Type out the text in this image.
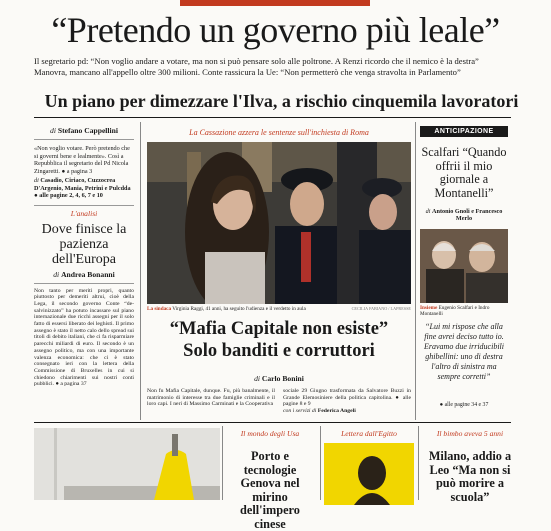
“Pretendo un governo più leale”
Il segretario pd: “Non voglio andare a votare, ma non si può pensare solo alle poltrone. A Renzi ricordo che il nemico è la destra”
Manovra, mancano all'appello oltre 300 milioni. Conte rassicura la Ue: “Non permetterò che venga stravolta in Parlamento”
Un piano per dimezzare l'Ilva, a rischio cinquemila lavoratori
di Stefano Cappellini
«Non voglio votare. Però pretendo che si governi bene e lealmente». Così a Repubblica il segretario del Pd Nicola Zingaretti. ● a pagina 3
di Casadio, Ciriaco, Cuzzocrea D'Argenio, Mania, Petrini e Pulcdda ● alle pagine 2, 4, 6, 7 e 10
L'analisi
Dove finisce la pazienza dell'Europa
di Andrea Bonanni
Non tanto per meriti propri, quanto piuttosto per demeriti altrui, cioè della Lega, il secondo governo Conte “de-salvinizzato” ha potuto incassare sul piano internazionale due ricchi assegni per il solo fatto di essersi liberato dei leghisti. Il primo assegno è stato il netto calo dello spread sui titoli di debito italiani, che ci fa risparmiare parecchi miliardi di euro. Il secondo è un assegno politico, ma con una importante valenza economica: che ci è stato consegnato ieri con la lettera della Commissione di Bruxelles in cui si chiedono chiarimenti sui nostri conti pubblici. ● a pagina 37
La Cassazione azzera le sentenze sull'inchiesta di Roma
La sindaca Virginia Raggi, 41 anni, ha seguito l'udienza e il verdetto in aula	CECILIA FABIANO / LAPRESSE
“Mafia Capitale non esiste”
Solo banditi e corruttori
di Carlo Bonini
Non fu Mafia Capitale, dunque. Fu, più banalmente, il matrimonio di interesse tra due famiglie criminali e il loro capi. I neri di Massimo Carminati e la Cooperativa
sociale 29 Giugno trasformata da Salvatore Buzzi in Grande Elemosiniere della politica capitolina. ● alle pagine 8 e 9
con i servizi di Federica Angeli
ANTICIPAZIONE
Scalfari “Quando offrii il mio giornale a Montanelli”
di Antonio Gnoli e Francesco Merlo
Insieme Eugenio Scalfari e Indro Montanelli
“Lui mi rispose che alla fine avrei deciso tutto io. Eravamo due irriducibili ghibellini: uno di destra l'altro di sinistra ma sempre corretti”
● alle pagine 34 e 37
Il mondo degli Usa
Porto e tecnologie Genova nel mirino dell'impero cinese
Lettera dall'Egitto	Il bimbo aveva 5 anni
Milano, addio a Leo “Ma non si può morire a scuola”
